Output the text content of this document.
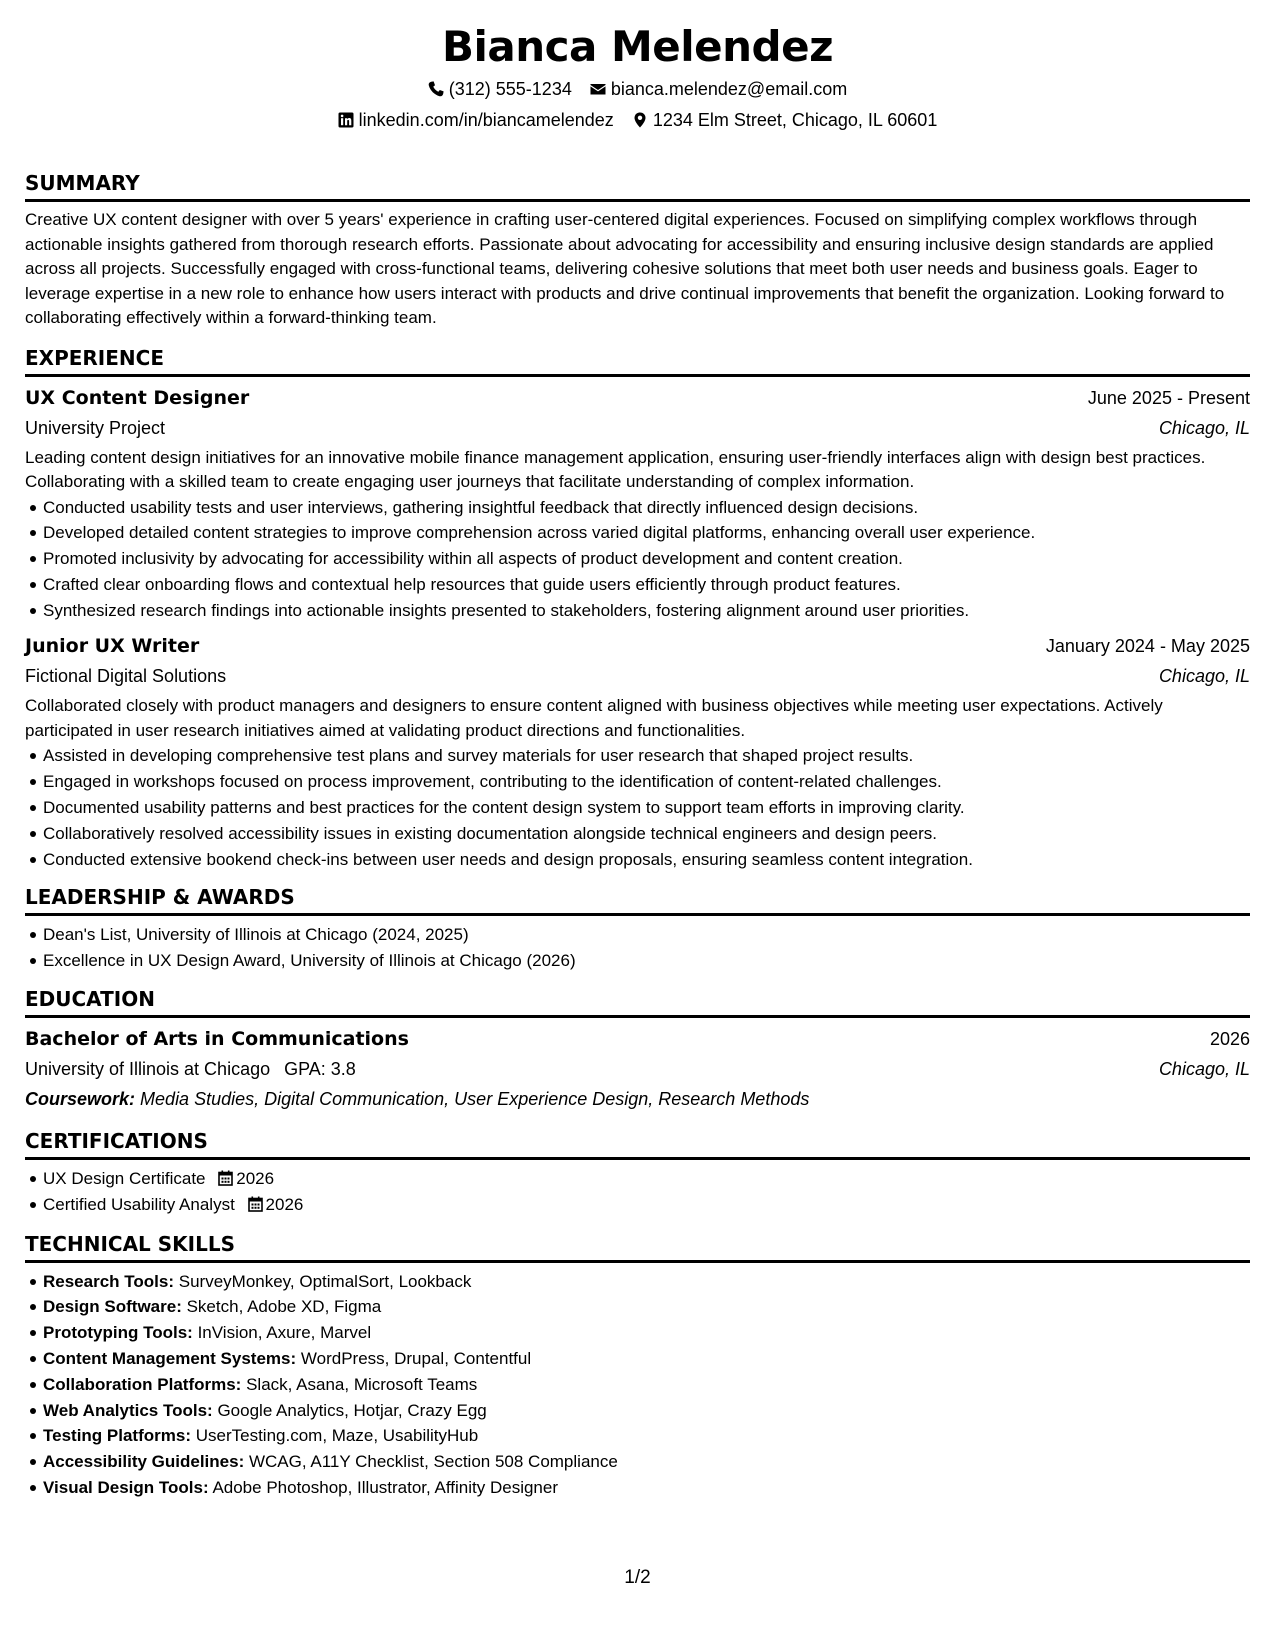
Bianca Melendez
(312) 555-1234 bianca.melendez@email.com
linkedin.com/in/biancamelendez 1234 Elm Street, Chicago, IL 60601
SUMMARY
Creative UX content designer with over 5 years' experience in crafting user-centered digital experiences. Focused on simplifying complex workflows through actionable insights gathered from thorough research efforts. Passionate about advocating for accessibility and ensuring inclusive design standards are applied across all projects. Successfully engaged with cross-functional teams, delivering cohesive solutions that meet both user needs and business goals. Eager to leverage expertise in a new role to enhance how users interact with products and drive continual improvements that benefit the organization. Looking forward to collaborating effectively within a forward-thinking team.
EXPERIENCE
UX Content Designer	June 2025 - Present
University Project	Chicago, IL
Leading content design initiatives for an innovative mobile finance management application, ensuring user-friendly interfaces align with design best practices. Collaborating with a skilled team to create engaging user journeys that facilitate understanding of complex information.
Conducted usability tests and user interviews, gathering insightful feedback that directly influenced design decisions.
Developed detailed content strategies to improve comprehension across varied digital platforms, enhancing overall user experience.
Promoted inclusivity by advocating for accessibility within all aspects of product development and content creation.
Crafted clear onboarding flows and contextual help resources that guide users efficiently through product features.
Synthesized research findings into actionable insights presented to stakeholders, fostering alignment around user priorities.
Junior UX Writer	January 2024 - May 2025
Fictional Digital Solutions	Chicago, IL
Collaborated closely with product managers and designers to ensure content aligned with business objectives while meeting user expectations. Actively participated in user research initiatives aimed at validating product directions and functionalities.
Assisted in developing comprehensive test plans and survey materials for user research that shaped project results.
Engaged in workshops focused on process improvement, contributing to the identification of content-related challenges.
Documented usability patterns and best practices for the content design system to support team efforts in improving clarity.
Collaboratively resolved accessibility issues in existing documentation alongside technical engineers and design peers.
Conducted extensive bookend check-ins between user needs and design proposals, ensuring seamless content integration.
LEADERSHIP & AWARDS
Dean's List, University of Illinois at Chicago (2024, 2025)
Excellence in UX Design Award, University of Illinois at Chicago (2026)
EDUCATION
Bachelor of Arts in Communications	2026
University of Illinois at Chicago GPA: 3.8	Chicago, IL
Coursework: Media Studies, Digital Communication, User Experience Design, Research Methods
CERTIFICATIONS
UX Design Certificate 2026
Certified Usability Analyst 2026
TECHNICAL SKILLS
Research Tools: SurveyMonkey, OptimalSort, Lookback
Design Software: Sketch, Adobe XD, Figma
Prototyping Tools: InVision, Axure, Marvel
Content Management Systems: WordPress, Drupal, Contentful
Collaboration Platforms: Slack, Asana, Microsoft Teams
Web Analytics Tools: Google Analytics, Hotjar, Crazy Egg
Testing Platforms: UserTesting.com, Maze, UsabilityHub
Accessibility Guidelines: WCAG, A11Y Checklist, Section 508 Compliance
Visual Design Tools: Adobe Photoshop, Illustrator, Affinity Designer
1/2
